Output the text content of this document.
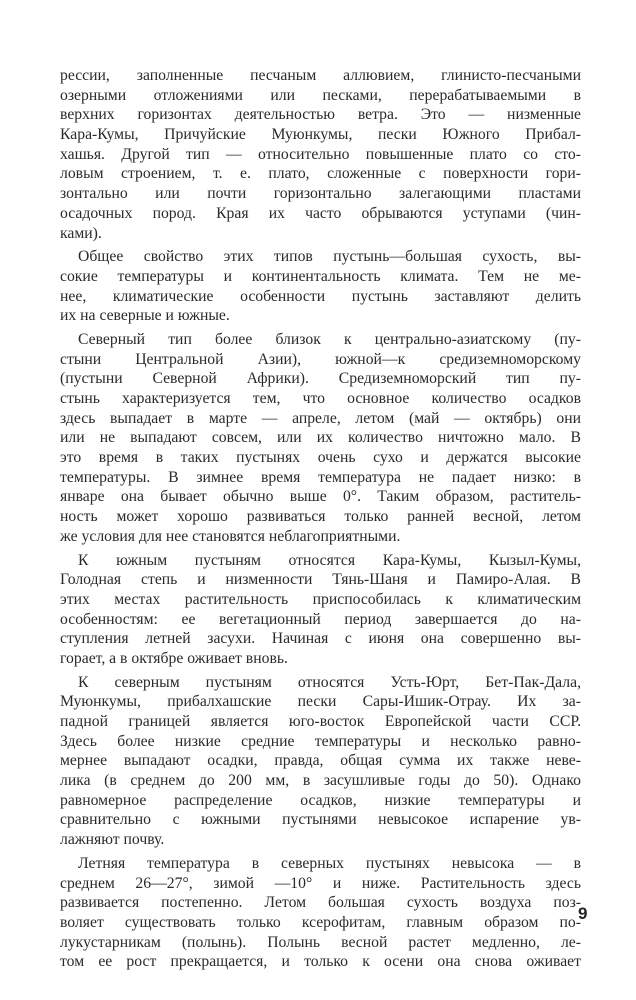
рессии, заполненные песчаным аллювием, глинисто-песчаными
озерными отложениями или песками, перерабатываемыми в
верхних горизонтах деятельностью ветра. Это — низменные
Кара-Кумы, Причуйские Муюнкумы, пески Южного Прибал-
хашья. Другой тип — относительно повышенные плато со сто-
ловым строением, т. е. плато, сложенные с поверхности гори-
зонтально или почти горизонтально залегающими пластами
осадочных пород. Края их часто обрываются уступами (чин-
ками).
Общее свойство этих типов пустынь—большая сухость, вы-
сокие температуры и континентальность климата. Тем не ме-
нее, климатические особенности пустынь заставляют делить
их на северные и южные.
Северный тип более близок к центрально-азиатскому (пу-
стыни Центральной Азии), южной—к средиземноморскому
(пустыни Северной Африки). Средиземноморский тип пу-
стынь характеризуется тем, что основное количество осадков
здесь выпадает в марте — апреле, летом (май — октябрь) они
или не выпадают совсем, или их количество ничтожно мало. В
это время в таких пустынях очень сухо и держатся высокие
температуры. В зимнее время температура не падает низко: в
январе она бывает обычно выше 0°. Таким образом, раститель-
ность может хорошо развиваться только ранней весной, летом
же условия для нее становятся неблагоприятными.
К южным пустыням относятся Кара-Кумы, Кызыл-Кумы,
Голодная степь и низменности Тянь-Шаня и Памиро-Алая. В
этих местах растительность приспособилась к климатическим
особенностям: ее вегетационный период завершается до на-
ступления летней засухи. Начиная с июня она совершенно вы-
горает, а в октябре оживает вновь.
К северным пустыням относятся Усть-Юрт, Бет-Пак-Дала,
Муюнкумы, прибалхашские пески Сары-Ишик-Отрау. Их за-
падной границей является юго-восток Европейской части ССР.
Здесь более низкие средние температуры и несколько равно-
мернее выпадают осадки, правда, общая сумма их также неве-
лика (в среднем до 200 мм, в засушливые годы до 50). Однако
равномерное распределение осадков, низкие температуры и
сравнительно с южными пустынями невысокое испарение ув-
лажняют почву.
Летняя температура в северных пустынях невысока — в
среднем 26—27°, зимой —10° и ниже. Растительность здесь
развивается постепенно. Летом большая сухость воздуха поз-
воляет существовать только ксерофитам, главным образом по-
лукустарникам (полынь). Полынь весной растет медленно, ле-
том ее рост прекращается, и только к осени она снова оживает
9
